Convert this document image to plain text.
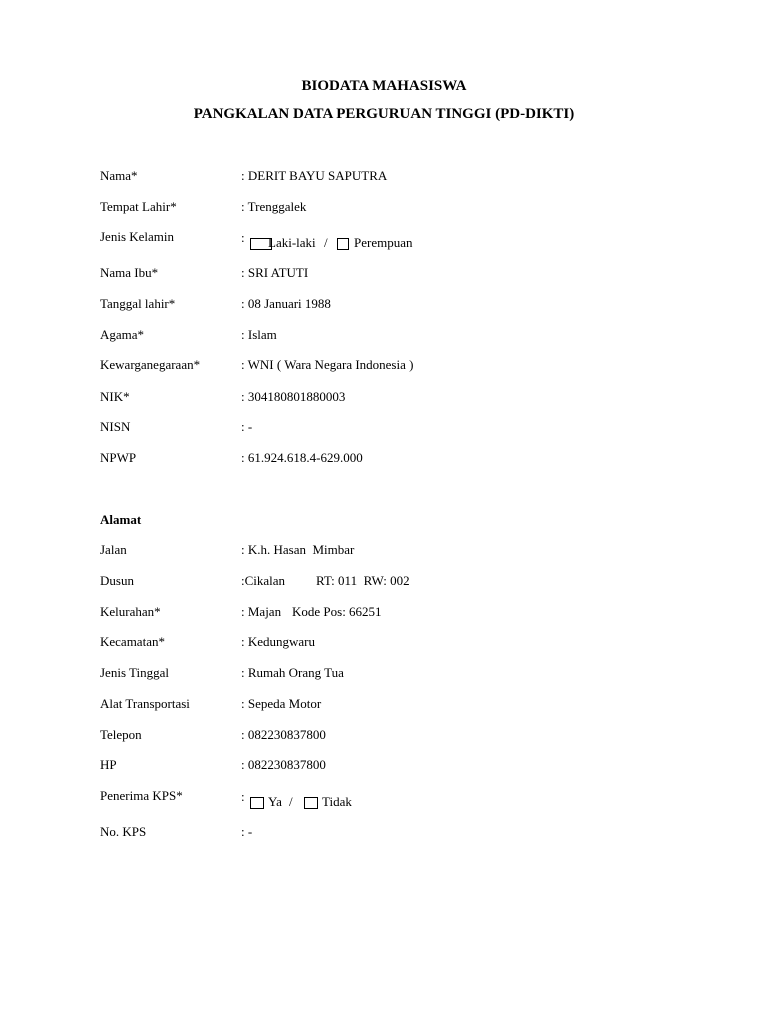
BIODATA MAHASISWA
PANGKALAN DATA PERGURUAN TINGGI (PD-DIKTI)
Nama*	: DERIT BAYU SAPUTRA
Tempat Lahir*	: Trenggalek
Jenis Kelamin	: Laki-laki / Perempuan
Nama Ibu*	: SRI ATUTI
Tanggal lahir*	: 08 Januari 1988
Agama*	: Islam
Kewarganegaraan*	: WNI ( Wara Negara Indonesia )
NIK*	: 304180801880003
NISN	: -
NPWP	: 61.924.618.4-629.000
Alamat
Jalan	: K.h. Hasan  Mimbar
Dusun	:Cikalan RT: 011  RW: 002
Kelurahan*	: Majan Kode Pos: 66251
Kecamatan*	: Kedungwaru
Jenis Tinggal	: Rumah Orang Tua
Alat Transportasi	: Sepeda Motor
Telepon	: 082230837800
HP	: 082230837800
Penerima KPS*	: Ya / Tidak
No. KPS	: -
